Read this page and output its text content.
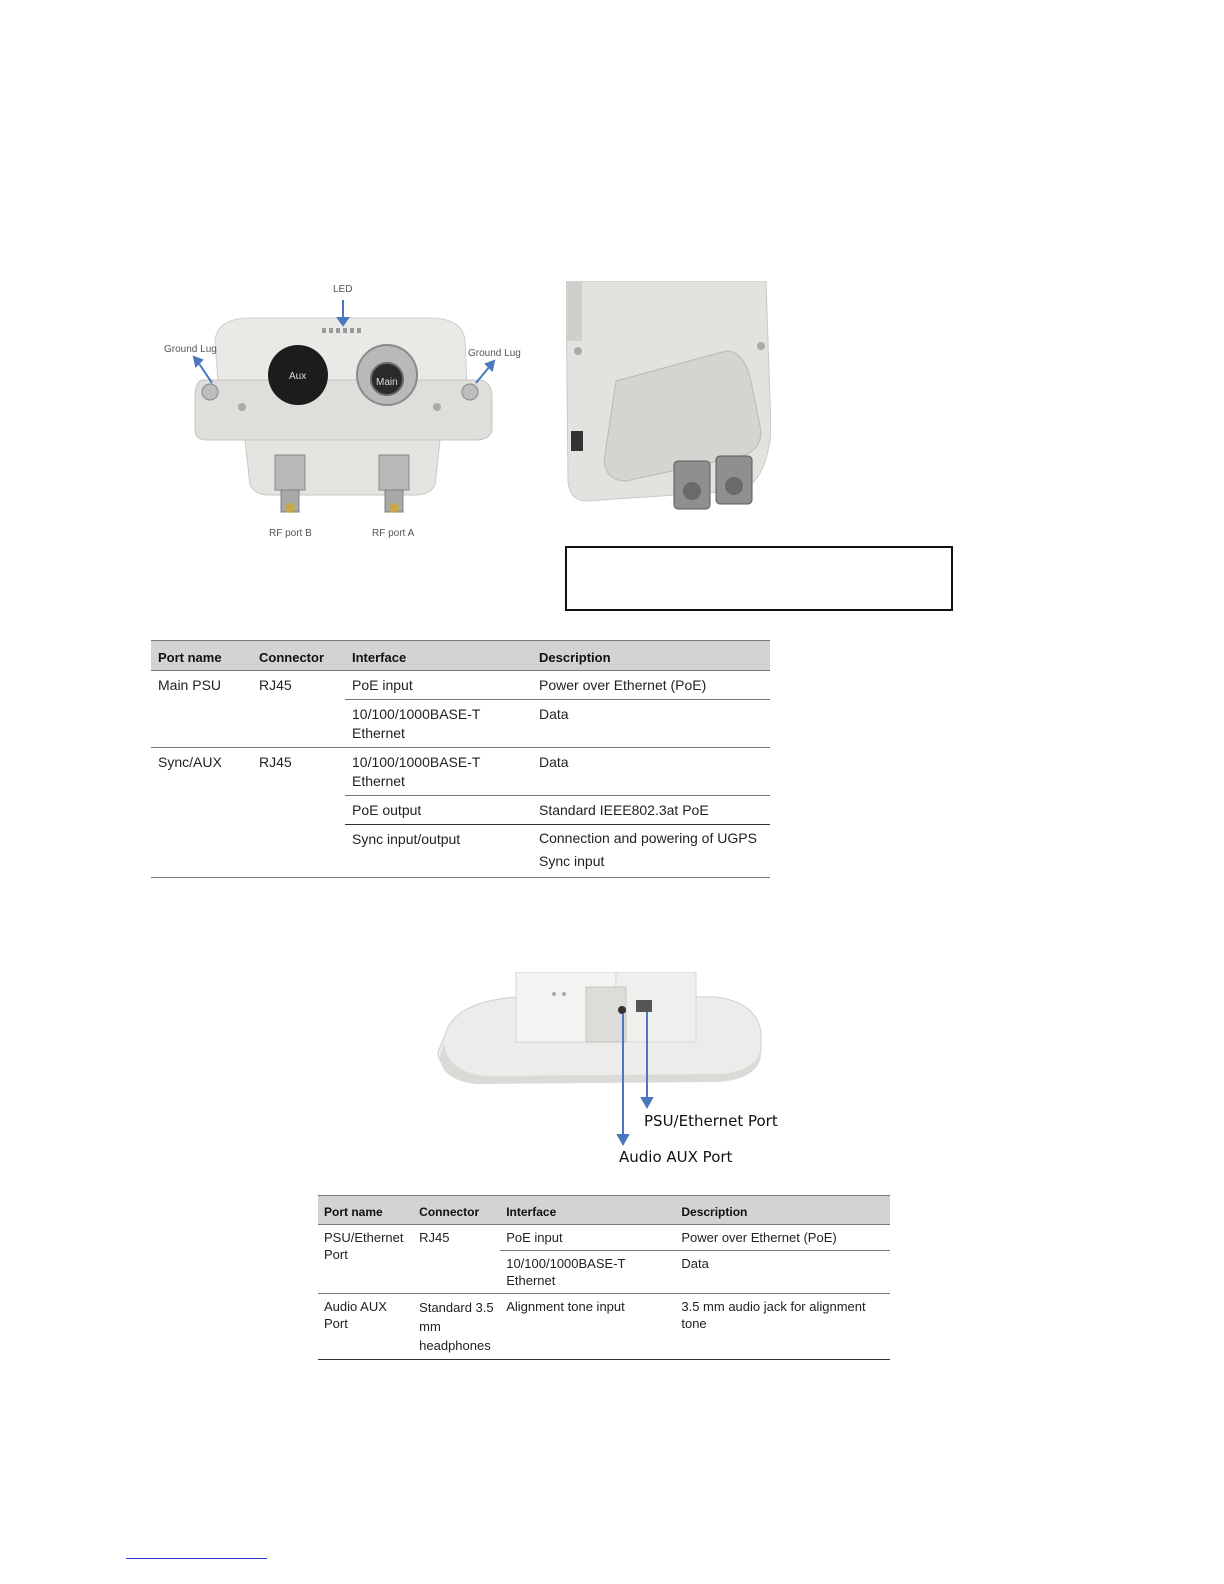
LED
Ground Lug	Ground Lug
Aux
Main
RF port B	RF port A
Port name	Connector	Interface	Description
Main PSU	RJ45	PoE input	Power over Ethernet (PoE)
		10/100/1000BASE-T Ethernet	Data
Sync/AUX	RJ45	10/100/1000BASE-T Ethernet	Data
		PoE output	Standard IEEE802.3at PoE
		Sync input/output	Connection and powering of UGPS Sync input
PSU/Ethernet Port
Audio AUX Port
Port name	Connector	Interface	Description
PSU/Ethernet Port	RJ45	PoE input	Power over Ethernet (PoE)
		10/100/1000BASE-T Ethernet	Data
Audio AUX Port	Standard 3.5 mm headphones	Alignment tone input	3.5 mm audio jack for alignment tone
